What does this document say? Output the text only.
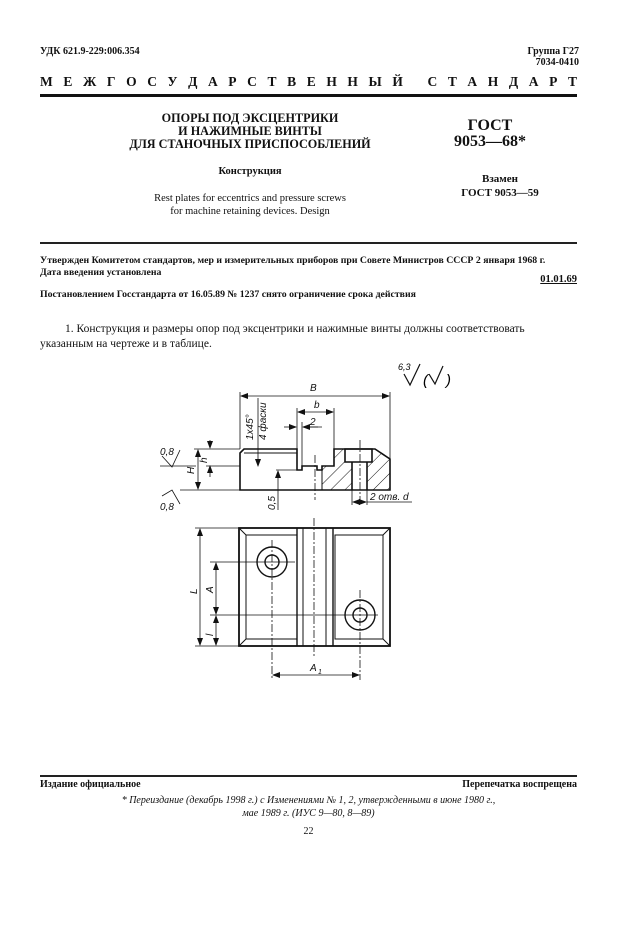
УДК 621.9-229:006.354	Группа Г27
7034-0410
М Е Ж Г О С У Д А Р С Т В Е Н Н Ы Й
С Т А Н Д А Р Т
ОПОРЫ ПОД ЭКСЦЕНТРИКИ
И НАЖИМНЫЕ ВИНТЫ
ДЛЯ СТАНОЧНЫХ ПРИСПОСОБЛЕНИЙ
Конструкция
Rest plates for eccentrics and pressure screws
for machine retaining devices. Design
ГОСТ
9053—68*
Взамен
ГОСТ 9053—59
Утвержден Комитетом стандартов, мер и измерительных приборов при Совете Министров СССР 2 января 1968 г.
Дата введения установлена
01.01.69
Постановлением Госстандарта от 16.05.89 № 1237 снято ограничение срока действия
1. Конструкция и размеры опор под эксцентрики и нажимные винты должны соответствовать указанным на чертеже и в таблице.
6,3
( )
B
b
2
1x45° 4 фаски
0,8
0,8
H
h
0,5	2 отв. d
L A
l
A 1
Издание официальное	Перепечатка воспрещена
* Переиздание (декабрь 1998 г.) с Изменениями № 1, 2, утвержденными в июне 1980 г.,
мае 1989 г. (ИУС 9—80, 8—89)
22
